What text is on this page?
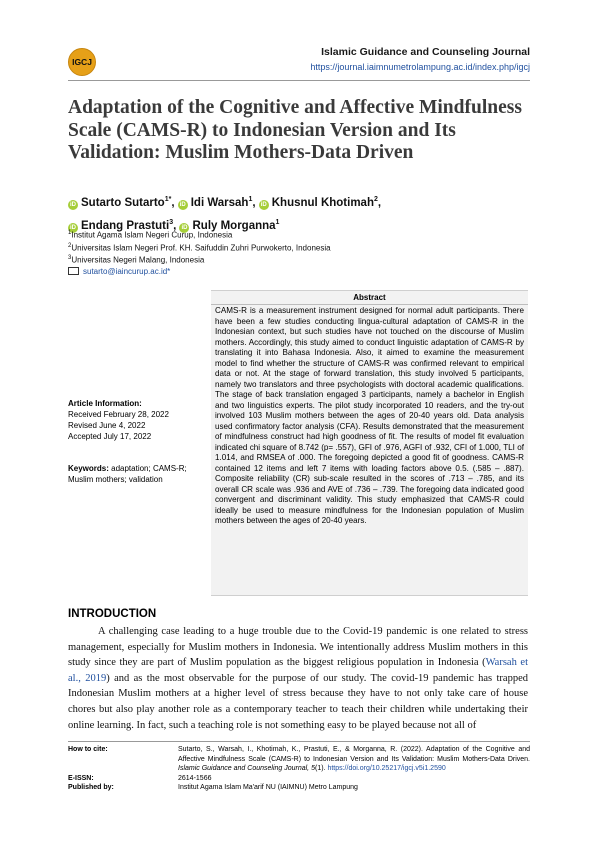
IGCJ
Islamic Guidance and Counseling Journal
https://journal.iaimnumetrolampung.ac.id/index.php/igcj
Adaptation of the Cognitive and Affective Mindfulness Scale (CAMS-R) to Indonesian Version and Its Validation: Muslim Mothers-Data Driven
iD Sutarto Sutarto$^{1*}$, iD Idi Warsah$^1$, iD Khusnul Khotimah$^2$,
iD Endang Prastuti$^3$, iD Ruly Morganna$^1$
$^1$Institut Agama Islam Negeri Curup, Indonesia
$^2$Universitas Islam Negeri Prof. KH. Saifuddin Zuhri Purwokerto, Indonesia
$^3$Universitas Negeri Malang, Indonesia
sutarto@iaincurup.ac.id*
Article Information:
Received February 28, 2022
Revised June 4, 2022
Accepted July 17, 2022
Keywords: adaptation; CAMS-R; Muslim mothers; validation
Abstract

CAMS-R is a measurement instrument designed for normal adult participants. There have been a few studies conducting lingua-cultural adaptation of CAMS-R in the Indonesian context, but such studies have not touched on the discourse of Muslim mothers. Accordingly, this study aimed to conduct linguistic adaptation of CAMS-R by translating it into Bahasa Indonesia. Also, it aimed to examine the measurement model to find whether the structure of CAMS-R was confirmed relevant to empirical data or not. At the stage of forward translation, this study involved 5 participants, namely two translators and three psychologists with doctoral academic qualifications. The stage of back translation engaged 3 participants, namely a bachelor in English and two linguistics experts. The pilot study incorporated 10 readers, and the try-out involved 103 Muslim mothers between the ages of 20-40 years old. Data analysis used confirmatory factor analysis (CFA). Results demonstrated that the measurement of mindfulness construct had high goodness of fit. The results of model fit evaluation indicated chi square of 8.742 (p= .557), GFI of .976, AGFI of .932, CFI of 1.000, TLI of 1.014, and RMSEA of .000. The foregoing depicted a good fit of goodness. CAMS-R contained 12 items and left 7 items with loading factors above 0.5. (.585 – .887). Composite reliability (CR) sub-scale resulted in the scores of .713 – .785, and its overall CR scale was .936 and AVE of .736 – .739. The foregoing data indicated good convergent and discriminant validity. This study emphasized that CAMS-R could ideally be used to measure mindfulness for the Indonesian population of Muslim mothers between the ages of 20-40 years.

INTRODUCTION

A challenging case leading to a huge trouble due to the Covid-19 pandemic is one related to stress management, especially for Muslim mothers in Indonesia. We intentionally address Muslim mothers in this study since they are part of Muslim population as the biggest religious population in Indonesia (Warsah et al., 2019) and as the most observable for the purpose of our study. The covid-19 pandemic has trapped Indonesian Muslim mothers at a higher level of stress because they have to not only take care of house chores but also play another role as a contemporary teacher to teach their children while undertaking their online learning. In fact, such a teaching role is not something easy to be played because not all of

How to cite:	Sutarto, S., Warsah, I., Khotimah, K., Prastuti, E., & Morganna, R. (2022). Adaptation of the Cognitive and Affective Mindfulness Scale (CAMS-R) to Indonesian Version and Its Validation: Muslim Mothers-Data Driven. Islamic Guidance and Counseling Journal, 5(1). https://doi.org/10.25217/igcj.v5i1.2590
E-ISSN:	2614-1566
Published by:	Institut Agama Islam Ma'arif NU (IAIMNU) Metro Lampung
